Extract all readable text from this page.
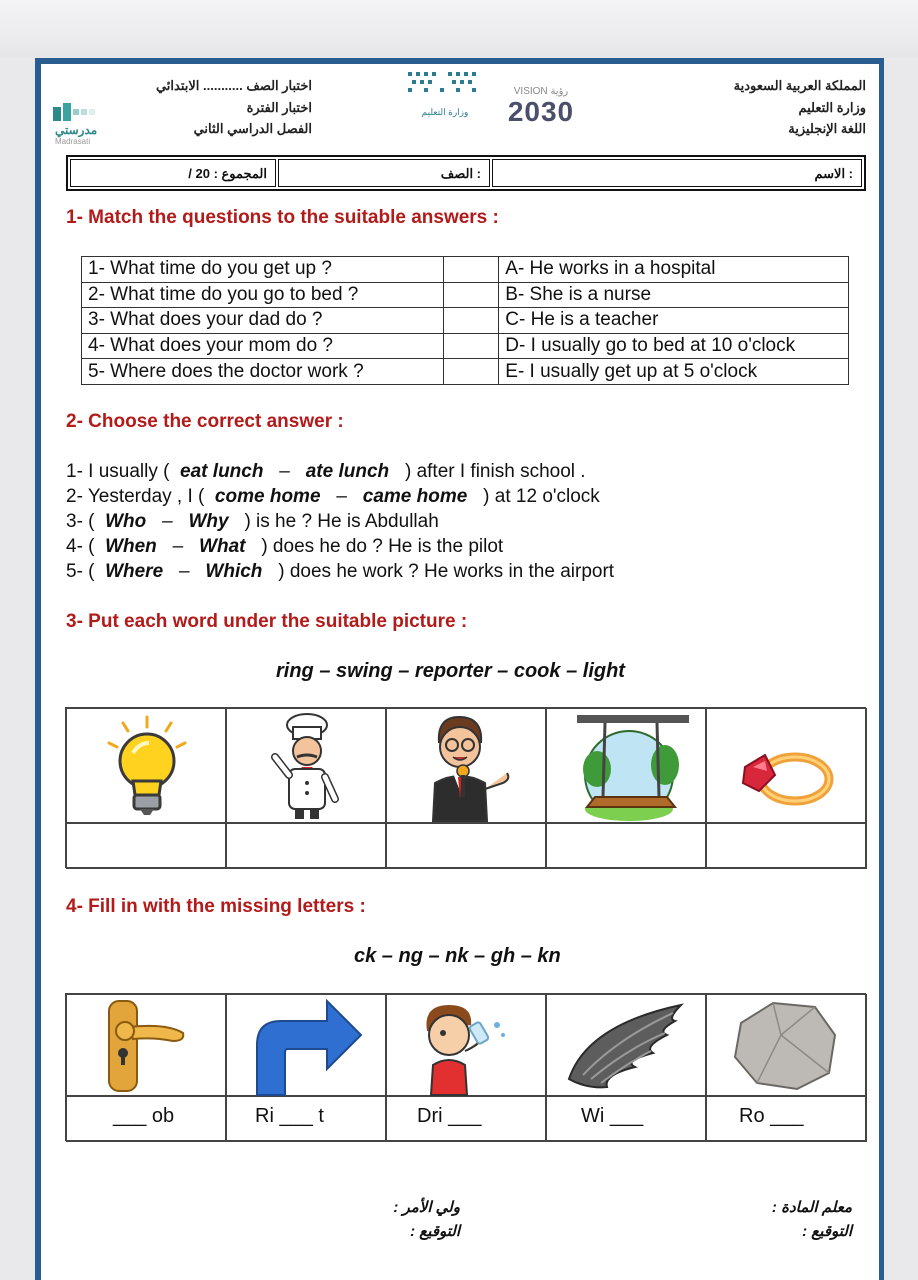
المملكة العربية السعودية
وزارة التعليم
اللغة الإنجليزية
اختبار الصف ........... الابتدائي
اختبار الفترة
الفصل الدراسي الثاني
VISION رؤية
2030
وزارة التعليم
مدرستي
Madrasati
المجموع : 20 /	: الصف	: الاسم
1- Match the questions to the suitable answers :
1- What time do you get up ?		A- He works in a hospital
2- What time do you go to bed ?		B- She is a nurse
3- What does your dad do ?		C- He is a teacher
4- What does your mom do ?		D- I usually go to bed at 10 o'clock
5- Where does the doctor work ?		E- I usually get up at 5 o'clock
2- Choose the correct answer :
1- I usually ( eat lunch – ate lunch ) after I finish school .
2- Yesterday , I ( come home – came home ) at 12 o'clock
3- ( Who – Why ) is he ? He is Abdullah
4- ( When – What ) does he do ? He is the pilot
5- ( Where – Which ) does he work ? He works in the airport
3- Put each word under the suitable picture :
ring – swing – reporter – cook – light
4- Fill in with the missing letters :
ck – ng – nk – gh – kn
___ ob	Ri ___ t	Dri ___	Wi ___	Ro ___
معلم المادة :
التوقيع :
ولي الأمر :
التوقيع :
